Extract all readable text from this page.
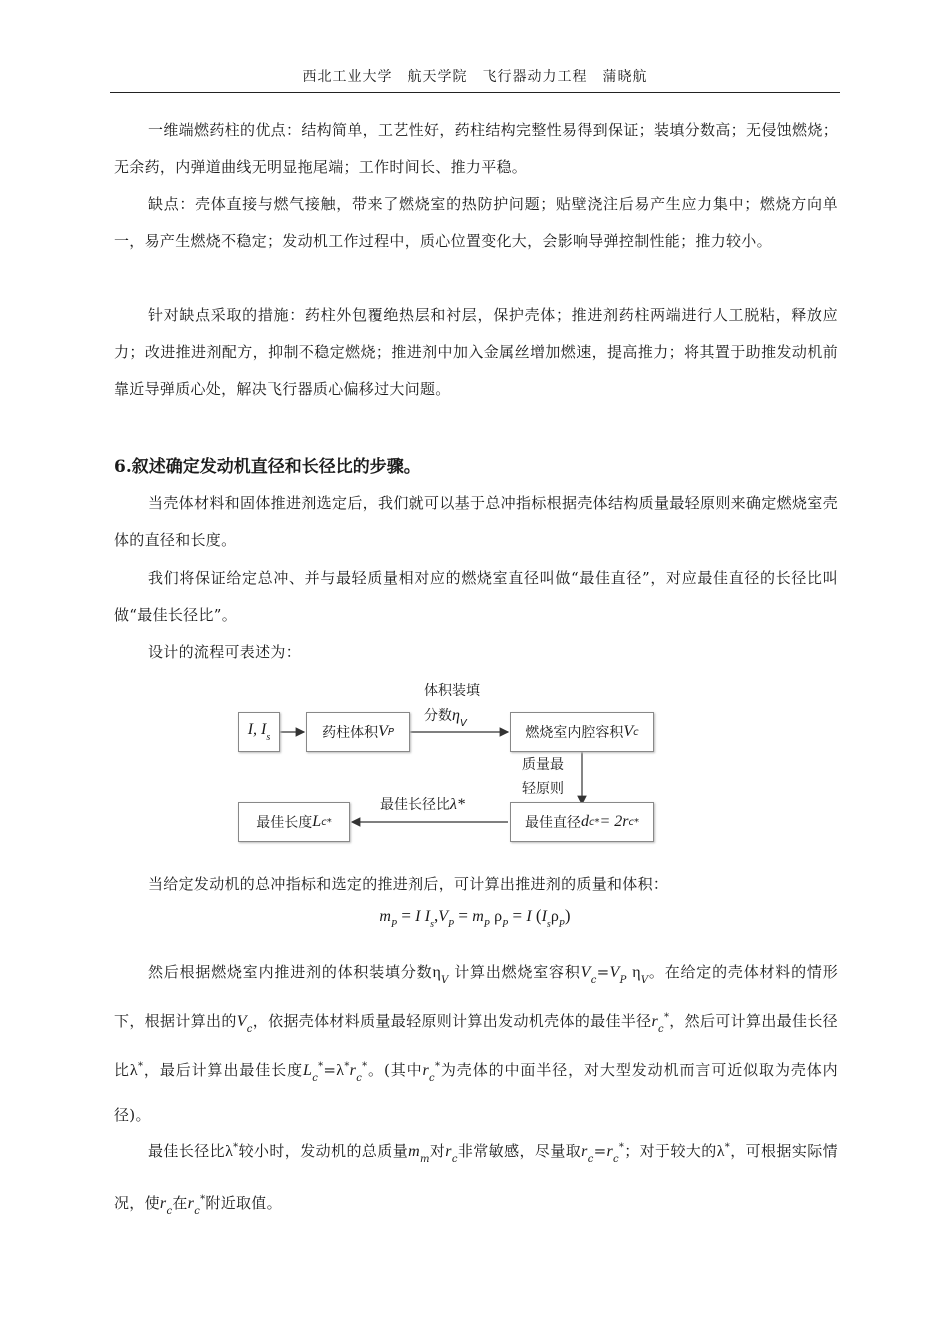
西北工业大学　航天学院　飞行器动力工程　蒲晓航

一维端燃药柱的优点：结构简单，工艺性好，药柱结构完整性易得到保证；装填分数高；无侵蚀燃烧；无余药，内弹道曲线无明显拖尾端；工作时间长、推力平稳。

缺点：壳体直接与燃气接触，带来了燃烧室的热防护问题；贴壁浇注后易产生应力集中；燃烧方向单一，易产生燃烧不稳定；发动机工作过程中，质心位置变化大，会影响导弹控制性能；推力较小。

针对缺点采取的措施：药柱外包覆绝热层和衬层，保护壳体；推进剂药柱两端进行人工脱粘，释放应力；改进推进剂配方，抑制不稳定燃烧；推进剂中加入金属丝增加燃速，提高推力；将其置于助推发动机前靠近导弹质心处，解决飞行器质心偏移过大问题。

6.叙述确定发动机直径和长径比的步骤。

当壳体材料和固体推进剂选定后，我们就可以基于总冲指标根据壳体结构质量最轻原则来确定燃烧室壳体的直径和长度。

我们将保证给定总冲、并与最轻质量相对应的燃烧室直径叫做“最佳直径”，对应最佳直径的长径比叫做“最佳长径比”。

设计的流程可表述为：

I, $I_s$	药柱体积 V P
体积装填
分数$\eta_V$
燃烧室内腔容积 V c
质量最
轻原则
最佳直径 d c * = 2r c *
最佳长径比λ*
最佳长度 L c *

当给定发动机的总冲指标和选定的推进剂后，可计算出推进剂的质量和体积：

$m_P = I$ $I_s,V_P = m_P$ $\rho_P = I$ $(I_s\rho_P)$

然后根据燃烧室内推进剂的体积装填分数$\eta_V$ 计算出燃烧室容积$V_c=V_P$ $\eta_V$。在给定的壳体材料的情形下，根据计算出的$V_c$，依据壳体材料质量最轻原则计算出发动机壳体的最佳半径$r_c^*$，然后可计算出最佳长径比λ*，最后计算出最佳长度$L_c^*=\lambda^*r_c^*$。(其中$r_c^*$为壳体的中面半径，对大型发动机而言可近似取为壳体内径)。

最佳长径比λ*较小时，发动机的总质量$m_m$对$r_c$非常敏感，尽量取$r_c=r_c^*$；对于较大的λ*，可根据实际情况，使$r_c$在$r_c^*$附近取值。
